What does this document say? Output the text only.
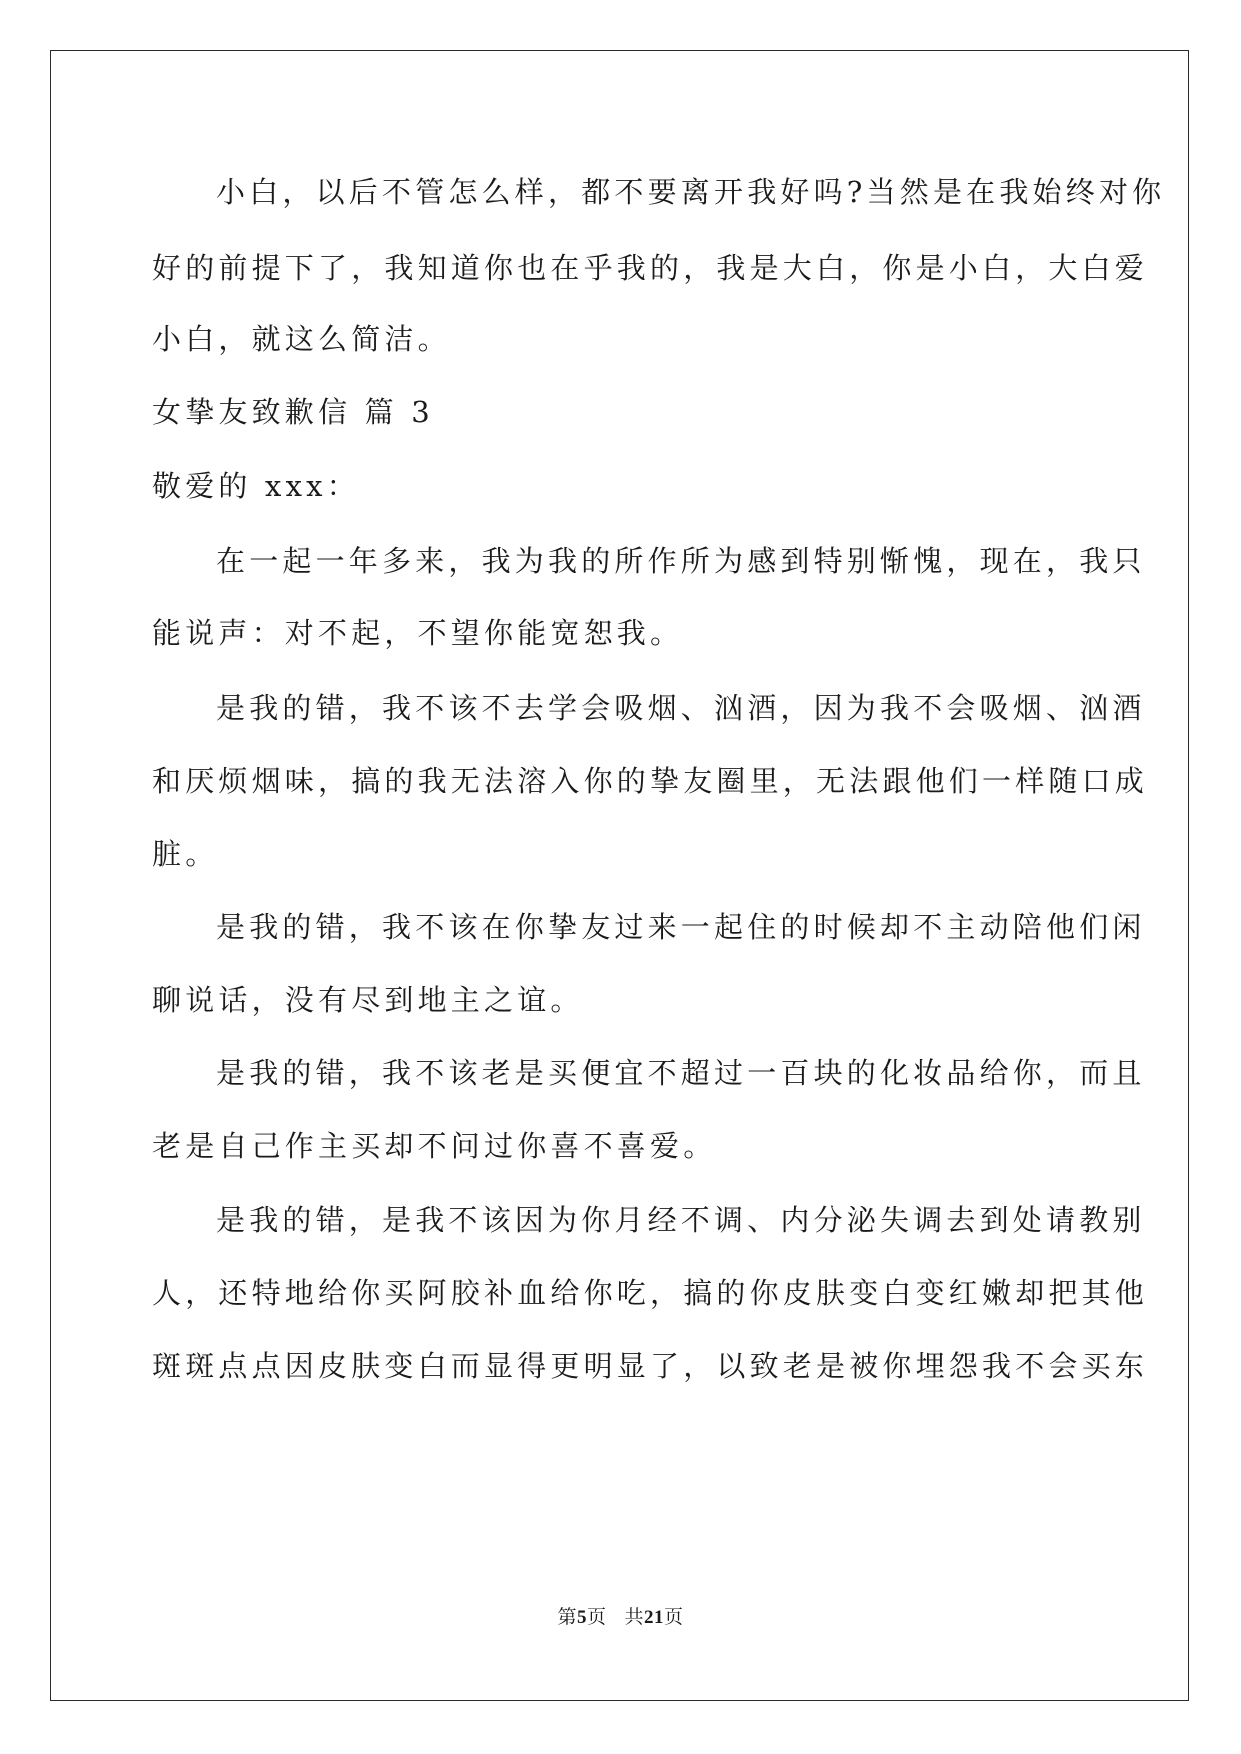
小白，以后不管怎么样，都不要离开我好吗?当然是在我始终对你
好的前提下了，我知道你也在乎我的，我是大白，你是小白，大白爱
小白，就这么简洁。
女挚友致歉信 篇 3
敬爱的 xxx：
在一起一年多来，我为我的所作所为感到特别惭愧，现在，我只
能说声：对不起，不望你能宽恕我。
是我的错，我不该不去学会吸烟、汹酒，因为我不会吸烟、汹酒
和厌烦烟味，搞的我无法溶入你的挚友圈里，无法跟他们一样随口成
脏。
是我的错，我不该在你挚友过来一起住的时候却不主动陪他们闲
聊说话，没有尽到地主之谊。
是我的错，我不该老是买便宜不超过一百块的化妆品给你，而且
老是自己作主买却不问过你喜不喜爱。
是我的错，是我不该因为你月经不调、内分泌失调去到处请教别
人，还特地给你买阿胶补血给你吃，搞的你皮肤变白变红嫩却把其他
斑斑点点因皮肤变白而显得更明显了，以致老是被你埋怨我不会买东
第5页 共21页
